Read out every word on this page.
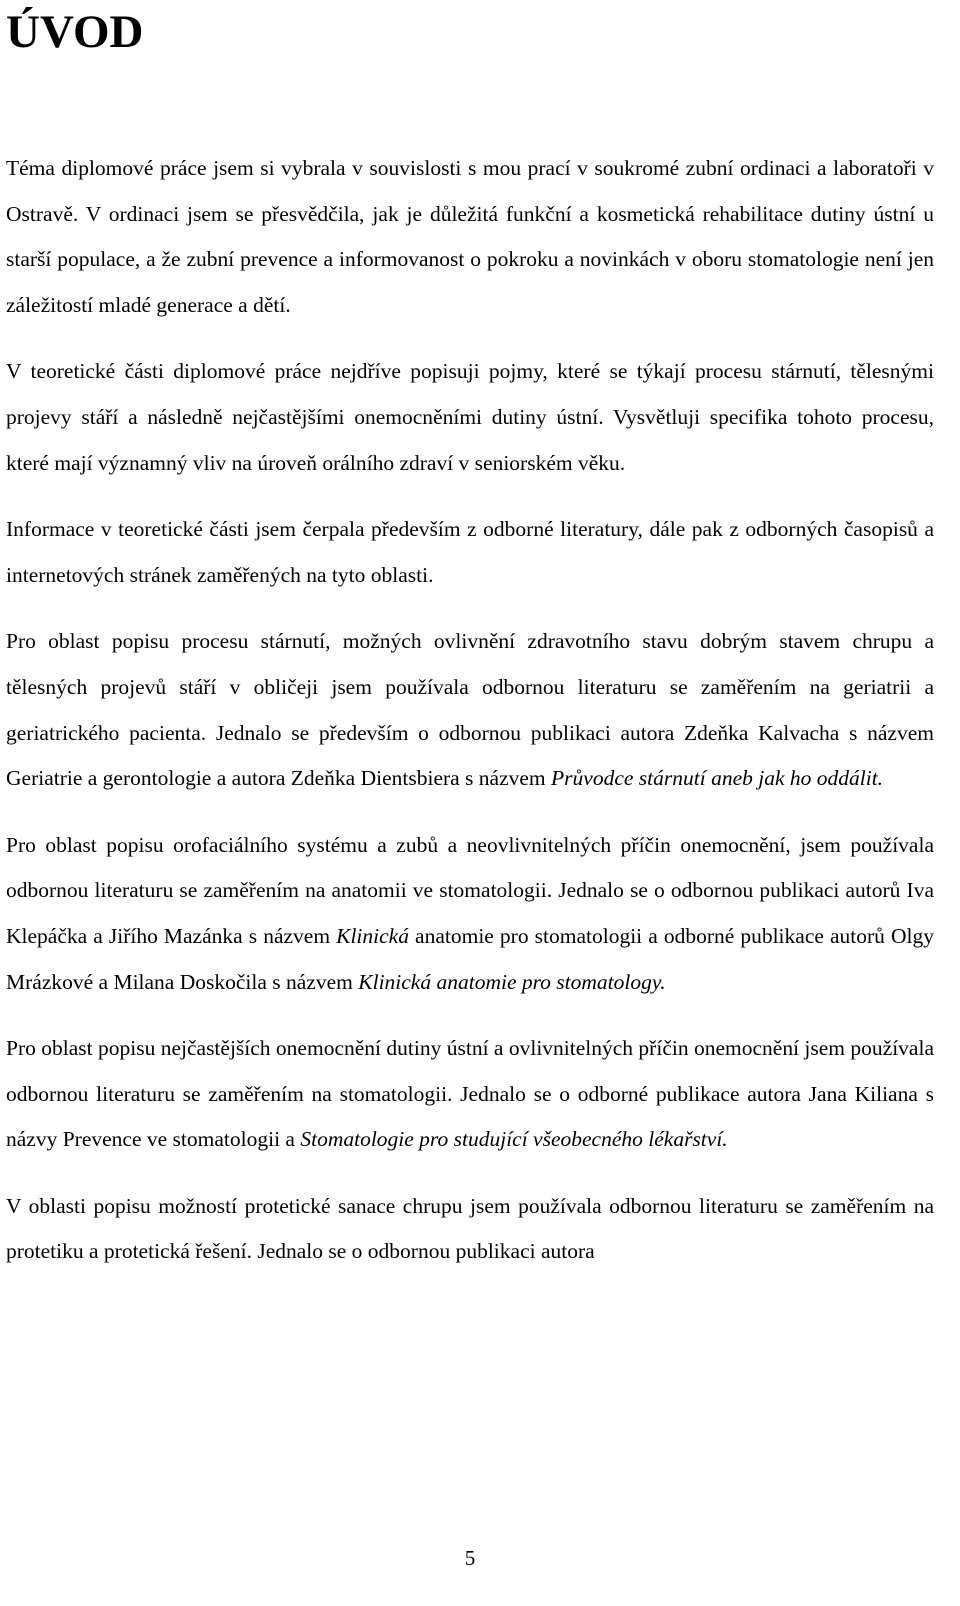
ÚVOD

Téma diplomové práce jsem si vybrala v souvislosti s mou prací v soukromé zubní ordinaci a laboratoři v Ostravě. V ordinaci jsem se přesvědčila, jak je důležitá funkční a kosmetická rehabilitace dutiny ústní u starší populace, a že zubní prevence a informovanost o pokroku a novinkách v oboru stomatologie není jen záležitostí mladé generace a dětí.

V teoretické části diplomové práce nejdříve popisuji pojmy, které se týkají procesu stárnutí, tělesnými projevy stáří a následně nejčastějšími onemocněními dutiny ústní. Vysvětluji specifika tohoto procesu, které mají významný vliv na úroveň orálního zdraví v seniorském věku.

Informace v teoretické části jsem čerpala především z odborné literatury, dále pak z odborných časopisů a internetových stránek zaměřených na tyto oblasti.

Pro oblast popisu procesu stárnutí, možných ovlivnění zdravotního stavu dobrým stavem chrupu a tělesných projevů stáří v obličeji jsem používala odbornou literaturu se zaměřením na geriatrii a geriatrického pacienta. Jednalo se především o odbornou publikaci autora Zdeňka Kalvacha s názvem Geriatrie a gerontologie a autora Zdeňka Dientsbiera s názvem Průvodce stárnutí aneb jak ho oddálit.

Pro oblast popisu orofaciálního systému a zubů a neovlivnitelných příčin onemocnění, jsem používala odbornou literaturu se zaměřením na anatomii ve stomatologii. Jednalo se o odbornou publikaci autorů Iva Klepáčka a Jiřího Mazánka s názvem Klinická anatomie pro stomatologii a odborné publikace autorů Olgy Mrázkové a Milana Doskočila s názvem Klinická anatomie pro stomatology.

Pro oblast popisu nejčastějších onemocnění dutiny ústní a ovlivnitelných příčin onemocnění jsem používala odbornou literaturu se zaměřením na stomatologii. Jednalo se o odborné publikace autora Jana Kiliana s názvy Prevence ve stomatologii a Stomatologie pro studující všeobecného lékařství.

V oblasti popisu možností protetické sanace chrupu jsem používala odbornou literaturu se zaměřením na protetiku a protetická řešení. Jednalo se o odbornou publikaci autora

5
